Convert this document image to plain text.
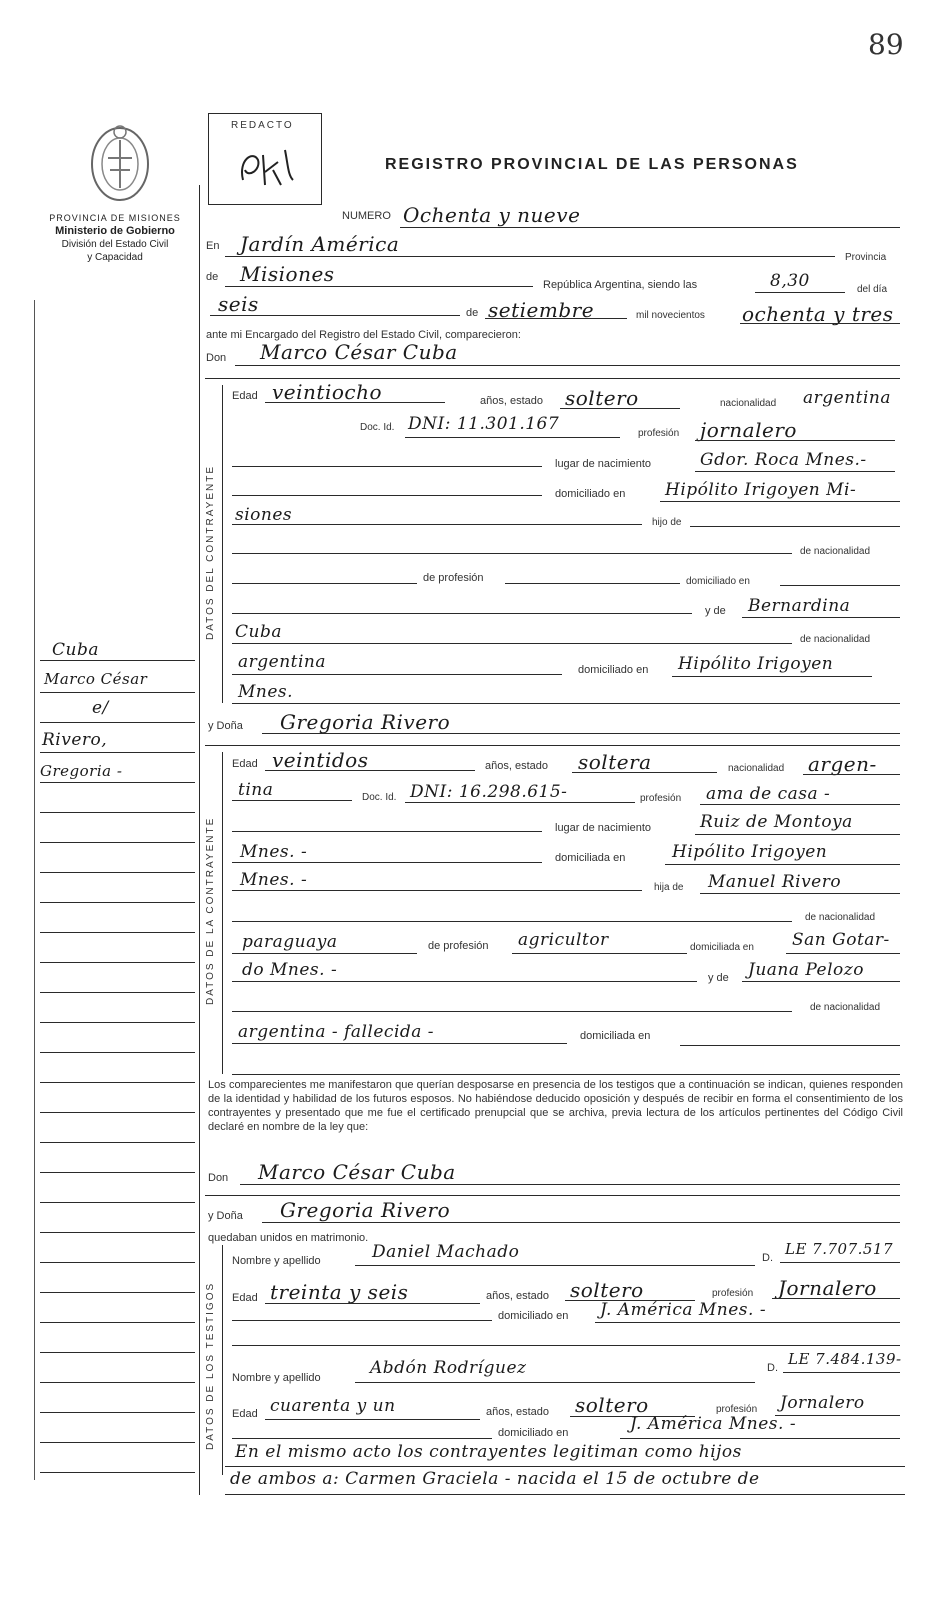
89
REDACTO
REGISTRO PROVINCIAL DE LAS PERSONAS
PROVINCIA DE MISIONES
Ministerio de Gobierno
División del Estado Civil
y Capacidad
Cuba
Marco César
e/
Rivero,
Gregoria -
NUMERO Ochenta y nueve
En Jardín América
Provincia
de Misiones	República Argentina, siendo las	8,30	del día
seis	de setiembre	mil novecientos ochenta y tres
ante mi Encargado del Registro del Estado Civil, comparecieron:
Don Marco César Cuba
DATOS DEL CONTRAYENTE
Edad veintiocho	años, estado soltero	nacionalidad argentina
Doc. Id. DNI: 11.301.167	profesión jornalero
lugar de nacimiento	Gdor. Roca Mnes.-
domiciliado en Hipólito Irigoyen Mi-
siones	hijo de
de nacionalidad
de profesión	domiciliado en
y de Bernardina
Cuba	de nacionalidad
argentina	domiciliado en Hipólito Irigoyen
Mnes.
y Doña Gregoria Rivero
DATOS DE LA CONTRAYENTE
Edad veintidos	años, estado soltera	nacionalidad argen-
tina	Doc. Id. DNI: 16.298.615-	profesión ama de casa -
lugar de nacimiento	Ruiz de Montoya
Mnes. -	domiciliada en	Hipólito Irigoyen
Mnes. -	hija de Manuel Rivero
de nacionalidad
paraguaya	de profesión agricultor	domiciliada en San Gotar-
do Mnes. -	y de Juana Pelozo
de nacionalidad
argentina - fallecida -	domiciliada en
Los comparecientes me manifestaron que querían desposarse en presencia de los testigos que a continuación se indican, quienes responden de la identidad y habilidad de los futuros esposos. No habiéndose deducido oposición y después de recibir en forma el consentimiento de los contrayentes y presentado que me fue el certificado prenupcial que se archiva, previa lectura de los artículos pertinentes del Código Civil declaré en nombre de la ley que:
Don Marco César Cuba
y Doña Gregoria Rivero
quedaban unidos en matrimonio.
DATOS DE LOS TESTIGOS
Nombre y apellido	Daniel Machado	D. LE 7.707.517
Edad treinta y seis	años, estado soltero	profesión Jornalero
domiciliado en J. América Mnes. -
Nombre y apellido	Abdón Rodríguez	D. LE 7.484.139-
Edad cuarenta y un	años, estado soltero	profesión Jornalero
domiciliado en	J. América Mnes. -
En el mismo acto los contrayentes legitiman como hijos
de ambos a: Carmen Graciela - nacida el 15 de octubre de
